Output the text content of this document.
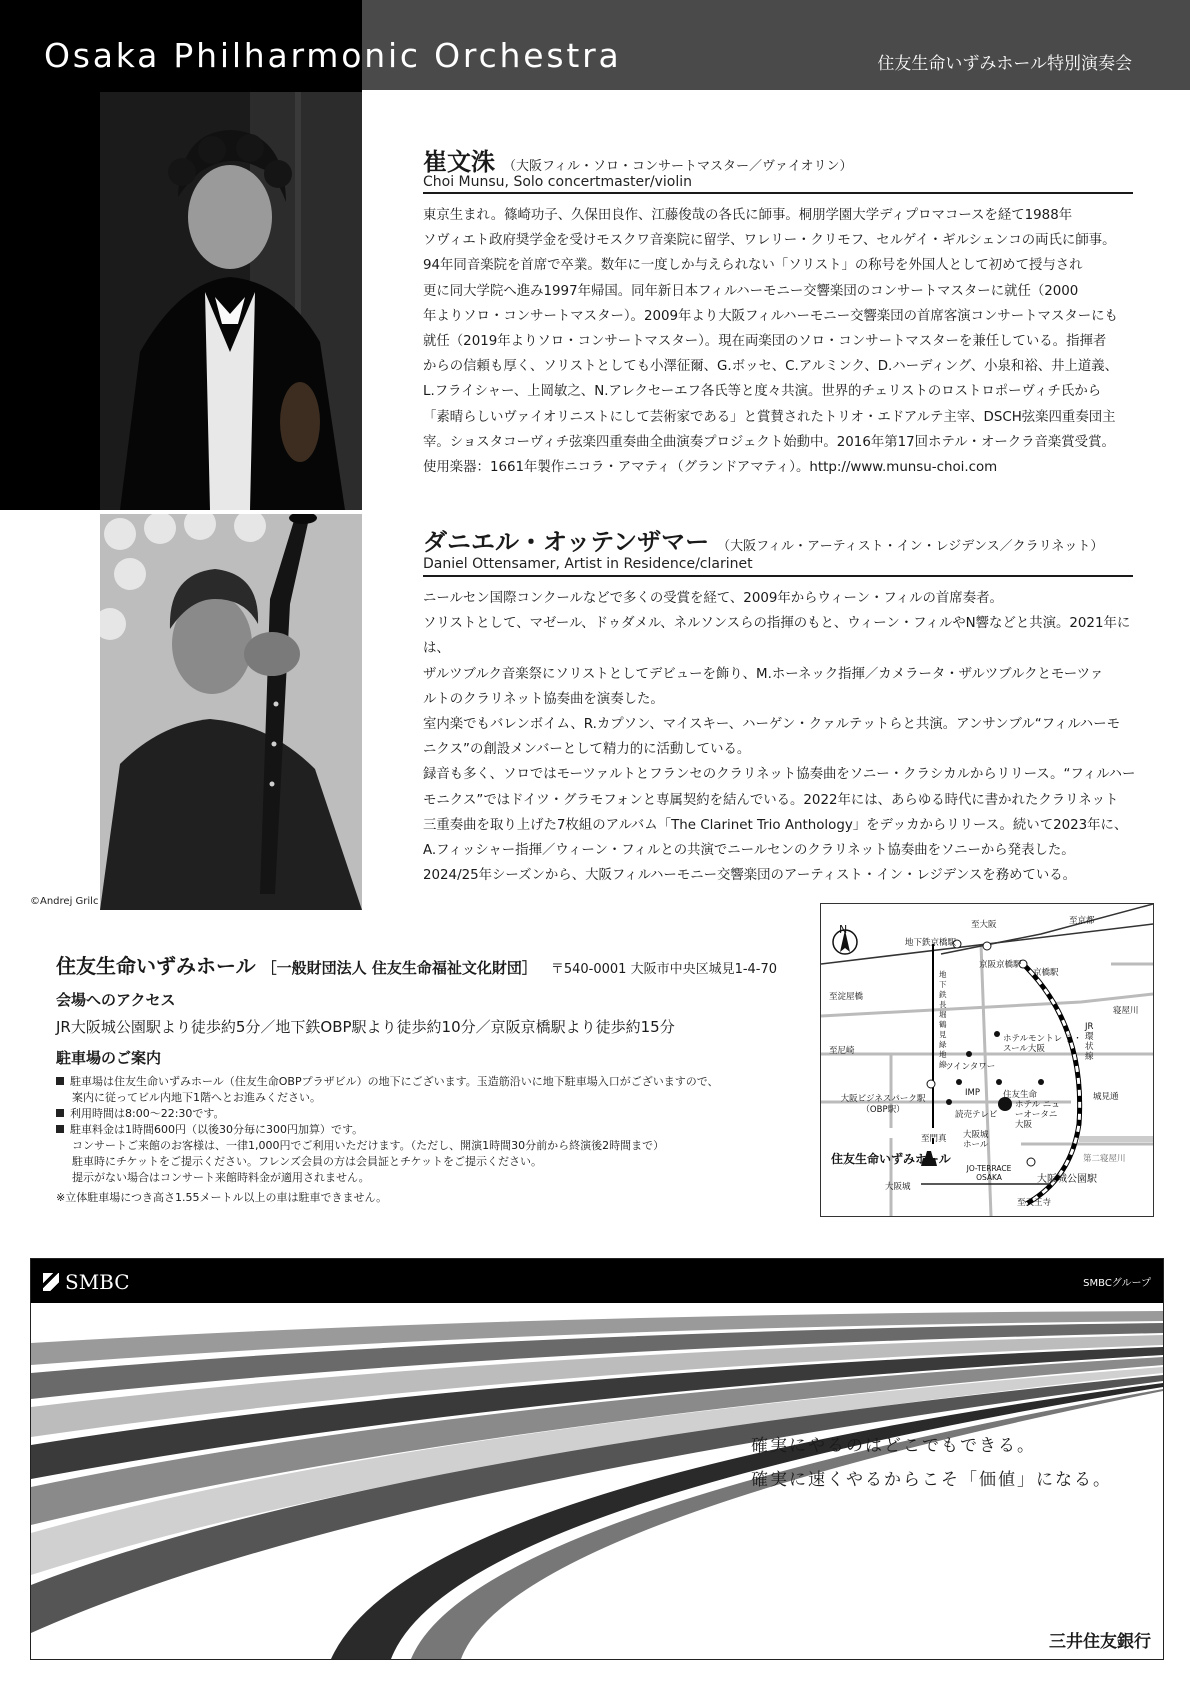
Osaka Philharmonic Orchestra	住友生命いずみホール特別演奏会
©Andrej Grilc
崔文洙 （大阪フィル・ソロ・コンサートマスター／ヴァイオリン）
Choi Munsu, Solo concertmaster/violin

東京生まれ。篠崎功子、久保田良作、江藤俊哉の各氏に師事。桐朋学園大学ディプロマコースを経て1988年

ソヴィエト政府奨学金を受けモスクワ音楽院に留学、ワレリー・クリモフ、セルゲイ・ギルシェンコの両氏に師事。

94年同音楽院を首席で卒業。数年に一度しか与えられない「ソリスト」の称号を外国人として初めて授与され

更に同大学院へ進み1997年帰国。同年新日本フィルハーモニー交響楽団のコンサートマスターに就任（2000

年よりソロ・コンサートマスター）。2009年より大阪フィルハーモニー交響楽団の首席客演コンサートマスターにも

就任（2019年よりソロ・コンサートマスター）。現在両楽団のソロ・コンサートマスターを兼任している。指揮者

からの信頼も厚く、ソリストとしても小澤征爾、G.ボッセ、C.アルミンク、D.ハーディング、小泉和裕、井上道義、

L.フライシャー、上岡敏之、N.アレクセーエフ各氏等と度々共演。世界的チェリストのロストロポーヴィチ氏から

「素晴らしいヴァイオリニストにして芸術家である」と賞賛されたトリオ・エドアルテ主宰、DSCH弦楽四重奏団主

宰。ショスタコーヴィチ弦楽四重奏曲全曲演奏プロジェクト始動中。2016年第17回ホテル・オークラ音楽賞受賞。

使用楽器：1661年製作ニコラ・アマティ（グランドアマティ）。http://www.munsu-choi.com

ダニエル・オッテンザマー （大阪フィル・アーティスト・イン・レジデンス／クラリネット）
Daniel Ottensamer, Artist in Residence/clarinet

ニールセン国際コンクールなどで多くの受賞を経て、2009年からウィーン・フィルの首席奏者。

ソリストとして、マゼール、ドゥダメル、ネルソンスらの指揮のもと、ウィーン・フィルやN響などと共演。2021年には、

ザルツブルク音楽祭にソリストとしてデビューを飾り、M.ホーネック指揮／カメラータ・ザルツブルクとモーツァ

ルトのクラリネット協奏曲を演奏した。

室内楽でもバレンボイム、R.カプソン、マイスキー、ハーゲン・クァルテットらと共演。アンサンブル“フィルハーモ

ニクス”の創設メンバーとして精力的に活動している。

録音も多く、ソロではモーツァルトとフランセのクラリネット協奏曲をソニー・クラシカルからリリース。“フィルハー

モニクス”ではドイツ・グラモフォンと専属契約を結んでいる。2022年には、あらゆる時代に書かれたクラリネット

三重奏曲を取り上げた7枚組のアルバム「The Clarinet Trio Anthology」をデッカからリリース。続いて2023年に、

A.フィッシャー指揮／ウィーン・フィルとの共演でニールセンのクラリネット協奏曲をソニーから発表した。

2024/25年シーズンから、大阪フィルハーモニー交響楽団のアーティスト・イン・レジデンスを務めている。

住友生命いずみホール ［一般財団法人 住友生命福祉文化財団］ 〒540-0001 大阪市中央区城見1-4-70
会場へのアクセス
JR大阪城公園駅より徒歩約5分／地下鉄OBP駅より徒歩約10分／京阪京橋駅より徒歩約15分
駐車場のご案内
駐車場は住友生命いずみホール（住友生命OBPプラザビル）の地下にございます。玉造筋沿いに地下駐車場入口がございますので、
案内に従ってビル内地下1階へとお進みください。
利用時間は8:00～22:30です。
駐車料金は1時間600円（以後30分毎に300円加算）です。
コンサートご来館のお客様は、一律1,000円でご利用いただけます。（ただし、開演1時間30分前から終演後2時間まで）
駐車時にチケットをご提示ください。フレンズ会員の方は会員証とチケットをご提示ください。
提示がない場合はコンサート来館時料金が適用されません。
※立体駐車場につき高さ1.55メートル以上の車は駐車できません。
N	至大阪	至京都
地下鉄京橋駅
京阪京橋駅
京橋駅
至淀屋橋
寝屋川
JR環状線
至尼崎
地下鉄長堀鶴見緑地線
ホテルモントレ ラ・スール大阪
ツインタワー
IMP	住友生命	城見通
大阪ビジネスパーク駅 （OBP駅）	読売テレビ
ホテル ニューオータニ 大阪
至門真 大阪城 ホール
住友生命いずみホール	第二寝屋川
JO-TERRACE OSAKA
大阪城
大阪城公園駅
至天王寺
SMBC	SMBCグループ
確実にやるのはどこでもできる。
確実に速くやるからこそ「価値」になる。
三井住友銀行
